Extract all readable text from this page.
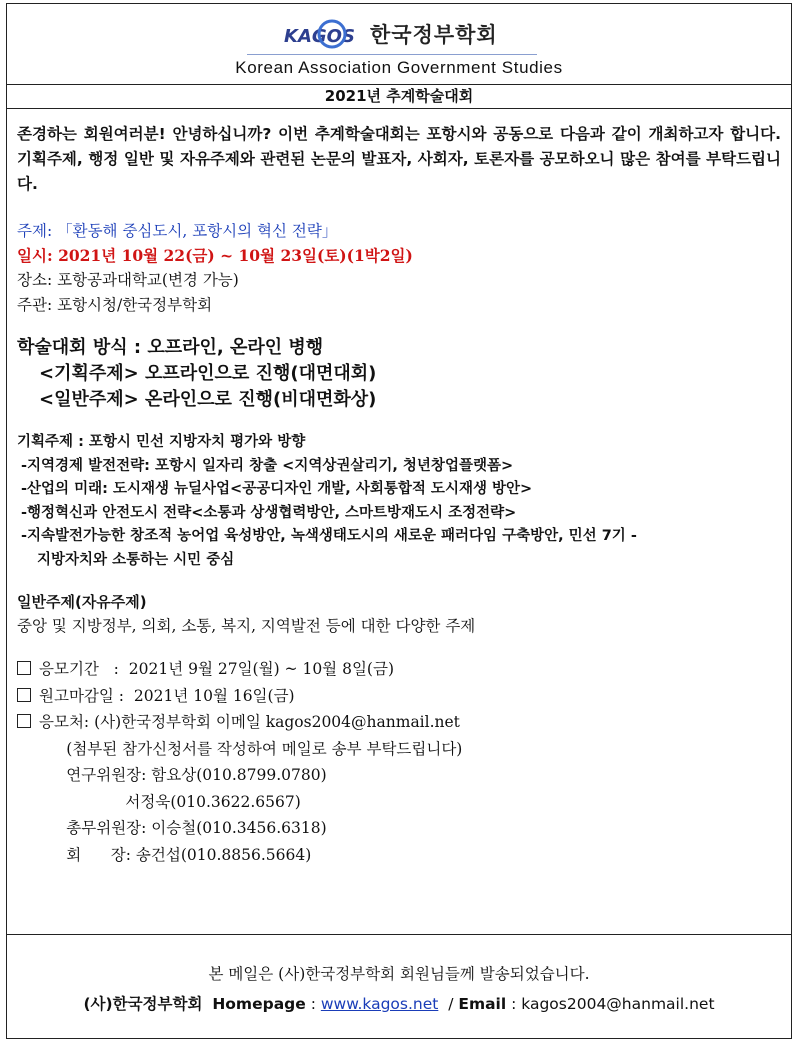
KAGOS 한국정부학회
Korean Association Government Studies
2021년 추계학술대회

존경하는 회원여러분! 안녕하십니까? 이번 추계학술대회는 포항시와 공동으로 다음과 같이 개최하고자 합니다. 기획주제, 행정 일반 및 자유주제와 관련된 논문의 발표자, 사회자, 토론자를 공모하오니 많은 참여를 부탁드립니다.

주제: 「환동해 중심도시, 포항시의 혁신 전략」

일시: 2021년 10월 22(금) ~ 10월 23일(토)(1박2일)

장소: 포항공과대학교(변경 가능)

주관: 포항시청/한국정부학회

학술대회 방식 : 오프라인, 온라인 병행
<기획주제> 오프라인으로 진행(대면대회)
<일반주제> 온라인으로 진행(비대면화상)
기획주제 : 포항시 민선 지방자치 평가와 방향
-지역경제 발전전략: 포항시 일자리 창출 <지역상권살리기, 청년창업플랫폼>
-산업의 미래: 도시재생 뉴딜사업<공공디자인 개발, 사회통합적 도시재생 방안>
-행정혁신과 안전도시 전략<소통과 상생협력방안, 스마트방재도시 조정전략>
-지속발전가능한 창조적 농어업 육성방안, 녹색생태도시의 새로운 패러다임 구축방안, 민선 7기 -
지방자치와 소통하는 시민 중심
일반주제(자유주제)
중앙 및 지방정부, 의회, 소통, 복지, 지역발전 등에 대한 다양한 주제
응모기간   :  2021년 9월 27일(월) ~ 10월 8일(금)
원고마감일 :  2021년 10월 16일(금)
응모처: (사)한국정부학회 이메일 kagos2004@hanmail.net
(첨부된 참가신청서를 작성하여 메일로 송부 부탁드립니다)
연구위원장: 함요상(010.8799.0780)
서정욱(010.3622.6567)
총무위원장: 이승철(010.3456.6318)
회      장: 송건섭(010.8856.5664)
본 메일은 (사)한국정부학회 회원님들께 발송되었습니다.
(사)한국정부학회 Homepage : www.kagos.net  / Email : kagos2004@hanmail.net
